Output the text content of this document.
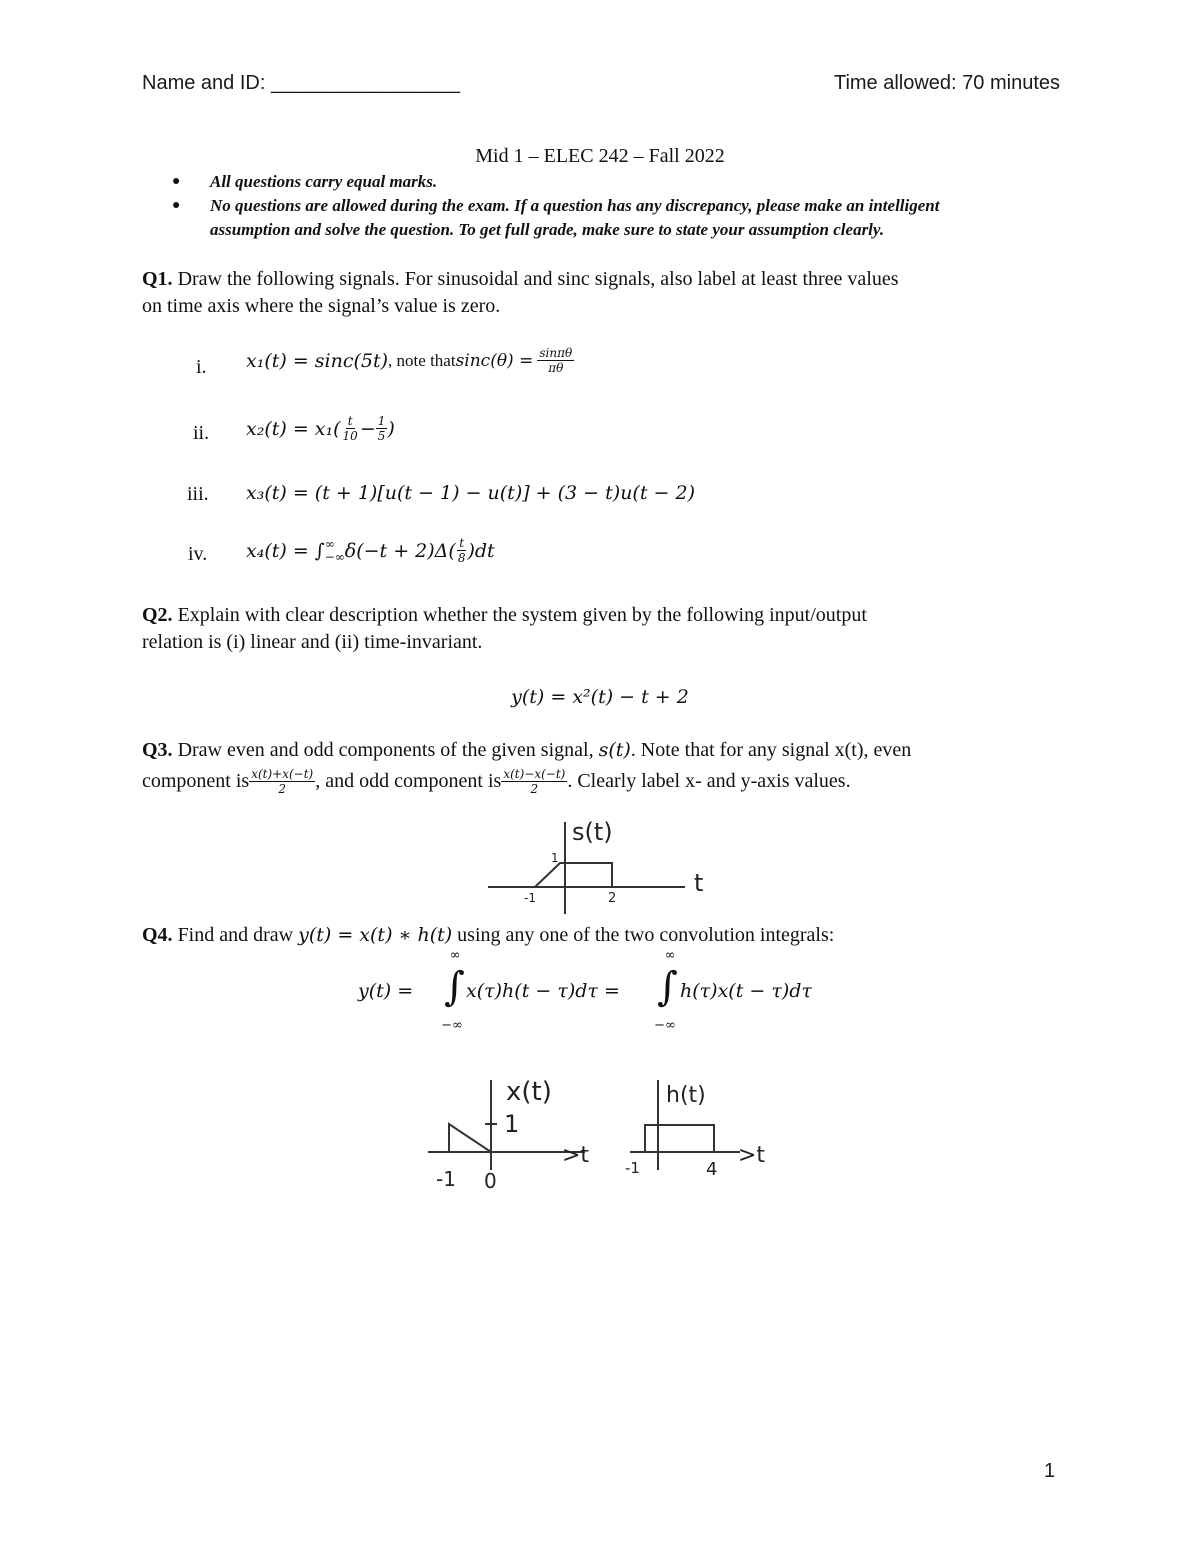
Name and ID: _________________	Time allowed: 70 minutes
Mid 1 – ELEC 242 – Fall 2022
● All questions carry equal marks.
● No questions are allowed during the exam. If a question has any discrepancy, please make an intelligent
assumption and solve the question. To get full grade, make sure to state your assumption clearly.
Q1. Draw the following signals. For sinusoidal and sinc signals, also label at least three values
on time axis where the signal’s value is zero.
i. x₁(t) = sinc(5t) , note that $\sin c(\theta) = \frac{\sin\pi\theta}{\pi\theta}$
ii. $x_2(t) = x_1( \frac{t}{10} - \frac{1}{5}$ )
iii. x₃(t) = (t + 1)[u(t − 1) − u(t)] + (3 − t)u(t − 2)
iv. x₄(t) = ∫ ∞
−∞ $\delta(-t + 2)\Delta( \frac{t}{8} )dt$
Q2. Explain with clear description whether the system given by the following input/output
relation is (i) linear and (ii) time-invariant.
y(t) = x²(t) − t + 2
Q3. Draw even and odd components of the given signal, s(t). Note that for any signal x(t), even
component is $\frac{x(t)+x(-t)}{2}$ , and odd component is $\frac{x(t)-x(-t)}{2}$ . Clearly label x- and y-axis values.
s(t)
t
-1	2
1
Q4. Find and draw y(t) = x(t) ∗ h(t) using any one of the two convolution integrals:
y(t) =
∞
∫
−∞
x(τ)h(t − τ)dτ =
∞
∫
−∞
h(τ)x(t − τ)dτ
x(t)
1
>t
-1 0
h(t)
>t
-1	4
1
